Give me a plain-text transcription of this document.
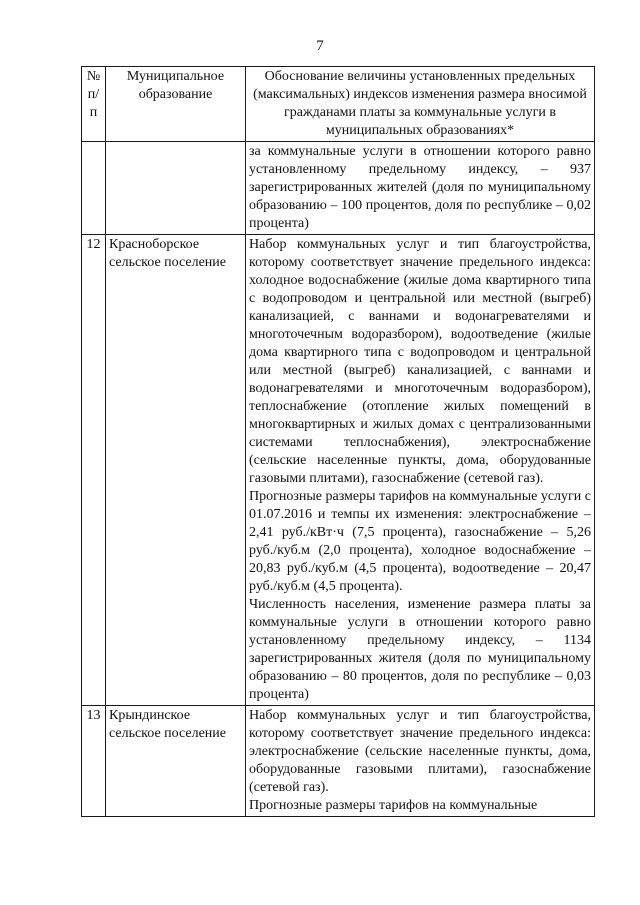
7
№ п/п	Муниципальное образование	Обоснование величины установленных предельных (максимальных) индексов изменения размера вносимой гражданами платы за коммунальные услуги в муниципальных образованиях*

		за коммунальные услуги в отношении которого равно установленному предельному индексу, – 937 зарегистрированных жителей (доля по муниципальному образованию – 100 процентов, доля по республике – 0,02 процента)

12	Красноборское сельское поселение	Набор коммунальных услуг и тип благоустройства, которому соответствует значение предельного индекса: холодное водоснабжение (жилые дома квартирного типа с водопроводом и центральной или местной (выгреб) канализацией, с ваннами и водонагревателями и многоточечным водоразбором), водоотведение (жилые дома квартирного типа с водопроводом и центральной или местной (выгреб) канализацией, с ваннами и водонагревателями и многоточечным водоразбором), теплоснабжение (отопление жилых помещений в многоквартирных и жилых домах с централизованными системами теплоснабжения), электроснабжение (сельские населенные пункты, дома, оборудованные газовыми плитами), газоснабжение (сетевой газ).

Прогнозные размеры тарифов на коммунальные услуги с 01.07.2016 и темпы их изменения: электроснабжение – 2,41 руб./кВт·ч (7,5 процента), газоснабжение – 5,26 руб./куб.м (2,0 процента), холодное водоснабжение – 20,83 руб./куб.м (4,5 процента), водоотведение – 20,47 руб./куб.м (4,5 процента).

Численность населения, изменение размера платы за коммунальные услуги в отношении которого равно установленному предельному индексу, – 1134 зарегистрированных жителя (доля по муниципальному образованию – 80 процентов, доля по республике – 0,03 процента)

13	Крындинское сельское поселение	Набор коммунальных услуг и тип благоустройства, которому соответствует значение предельного индекса: электроснабжение (сельские населенные пункты, дома, оборудованные газовыми плитами), газоснабжение (сетевой газ).

Прогнозные размеры тарифов на коммунальные
